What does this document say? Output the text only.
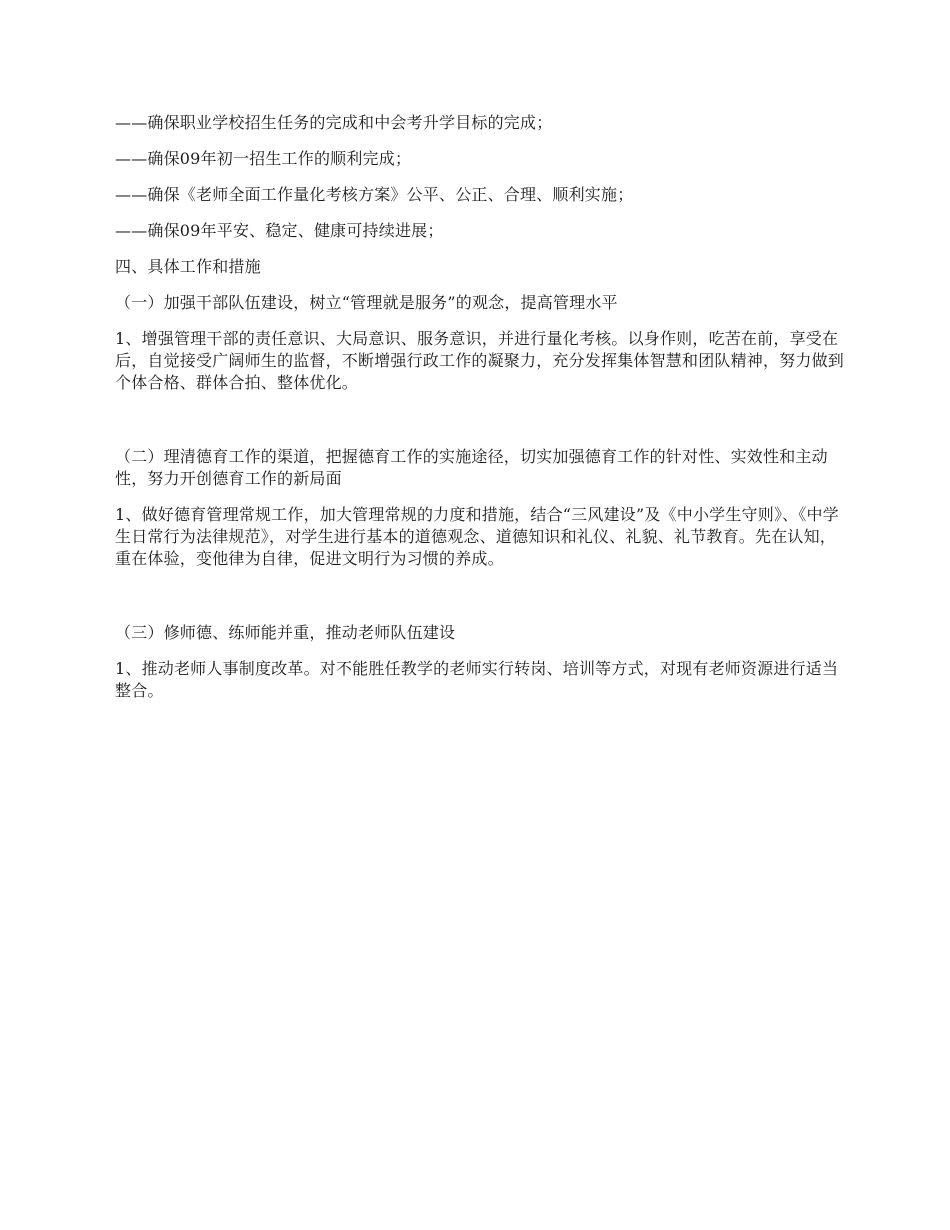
——确保职业学校招生任务的完成和中会考升学目标的完成；

——确保09年初一招生工作的顺利完成；

——确保《老师全面工作量化考核方案》公平、公正、合理、顺利实施；

——确保09年平安、稳定、健康可持续进展；

四、具体工作和措施

（一）加强干部队伍建设，树立“管理就是服务”的观念，提高管理水平

1、增强管理干部的责任意识、大局意识、服务意识，并进行量化考核。以身作则，吃苦在前，享受在后，自觉接受广阔师生的监督，不断增强行政工作的凝聚力，充分发挥集体智慧和团队精神，努力做到个体合格、群体合拍、整体优化。

（二）理清德育工作的渠道，把握德育工作的实施途径，切实加强德育工作的针对性、实效性和主动性，努力开创德育工作的新局面

1、做好德育管理常规工作，加大管理常规的力度和措施，结合“三风建设”及《中小学生守则》、《中学生日常行为法律规范》，对学生进行基本的道德观念、道德知识和礼仪、礼貌、礼节教育。先在认知，重在体验，变他律为自律，促进文明行为习惯的养成。

（三）修师德、练师能并重，推动老师队伍建设

1、推动老师人事制度改革。对不能胜任教学的老师实行转岗、培训等方式，对现有老师资源进行适当整合。
